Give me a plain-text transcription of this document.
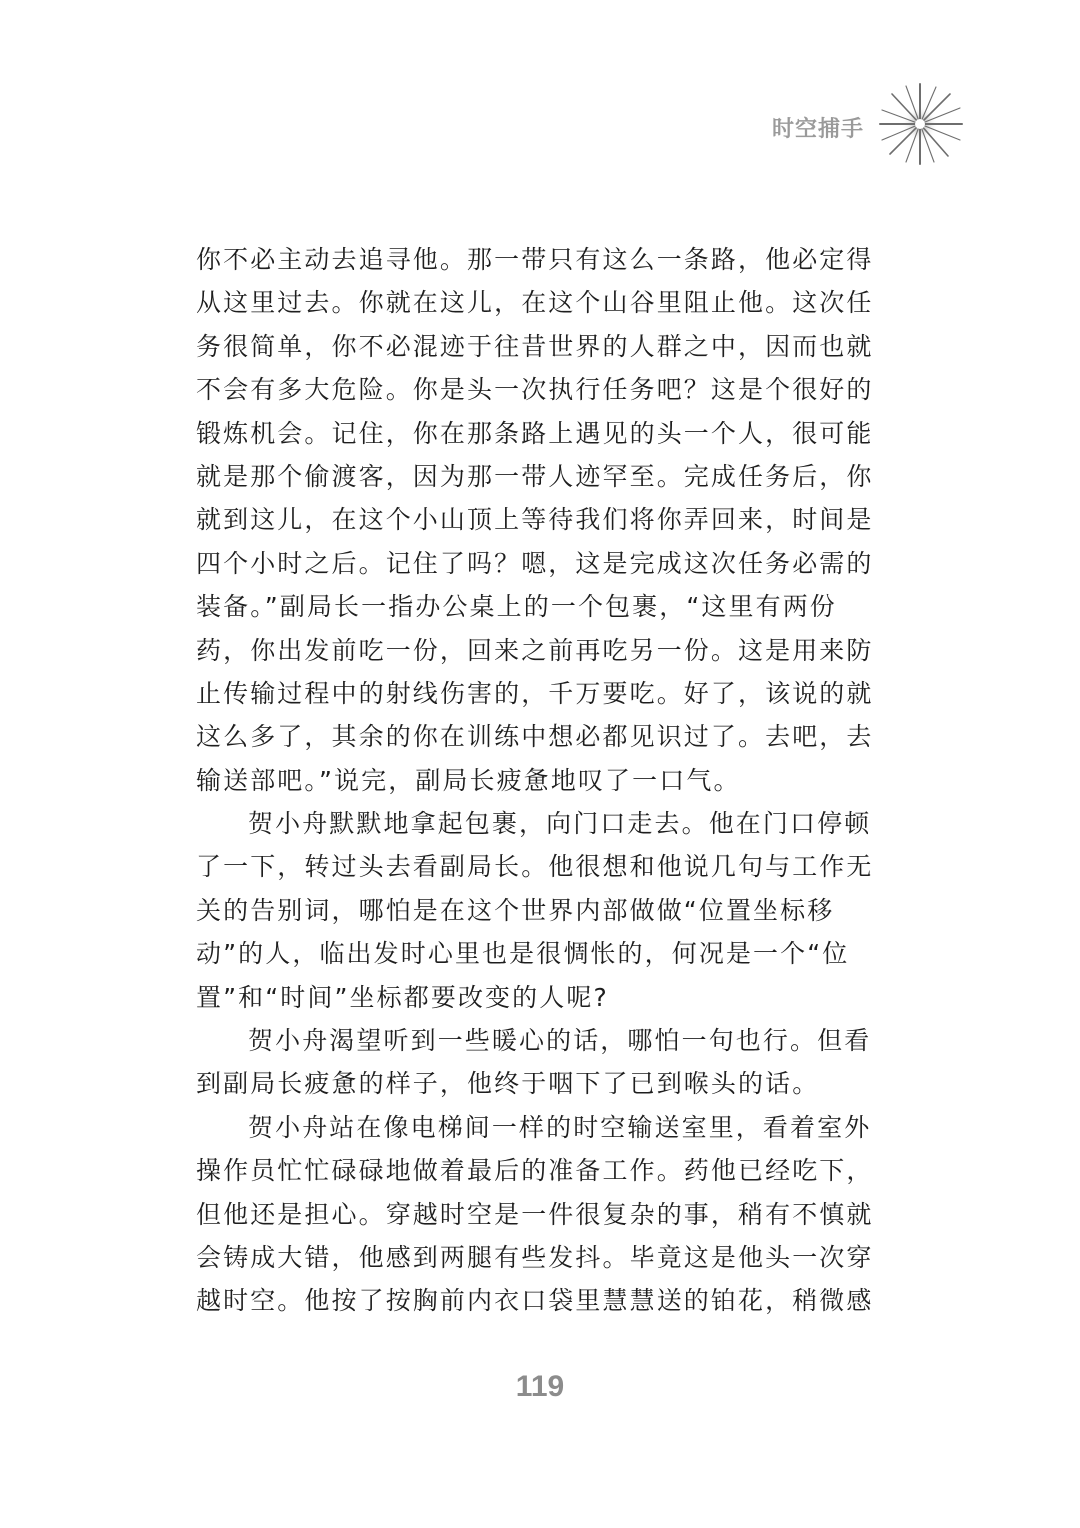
时空捕手
你不必主动去追寻他。那一带只有这么一条路，他必定得
从这里过去。你就在这儿，在这个山谷里阻止他。这次任
务很简单，你不必混迹于往昔世界的人群之中，因而也就
不会有多大危险。你是头一次执行任务吧？这是个很好的
锻炼机会。记住，你在那条路上遇见的头一个人，很可能
就是那个偷渡客，因为那一带人迹罕至。完成任务后，你
就到这儿，在这个小山顶上等待我们将你弄回来，时间是
四个小时之后。记住了吗？嗯，这是完成这次任务必需的
装备。”副局长一指办公桌上的一个包裹，“这里有两份
药，你出发前吃一份，回来之前再吃另一份。这是用来防
止传输过程中的射线伤害的，千万要吃。好了，该说的就
这么多了，其余的你在训练中想必都见识过了。去吧，去
输送部吧。”说完，副局长疲惫地叹了一口气。
贺小舟默默地拿起包裹，向门口走去。他在门口停顿
了一下，转过头去看副局长。他很想和他说几句与工作无
关的告别词，哪怕是在这个世界内部做做“位置坐标移
动”的人，临出发时心里也是很惆怅的，何况是一个“位
置”和“时间”坐标都要改变的人呢?
贺小舟渴望听到一些暖心的话，哪怕一句也行。但看
到副局长疲惫的样子，他终于咽下了已到喉头的话。
贺小舟站在像电梯间一样的时空输送室里，看着室外
操作员忙忙碌碌地做着最后的准备工作。药他已经吃下，
但他还是担心。穿越时空是一件很复杂的事，稍有不慎就
会铸成大错，他感到两腿有些发抖。毕竟这是他头一次穿
越时空。他按了按胸前内衣口袋里慧慧送的铂花，稍微感
119
